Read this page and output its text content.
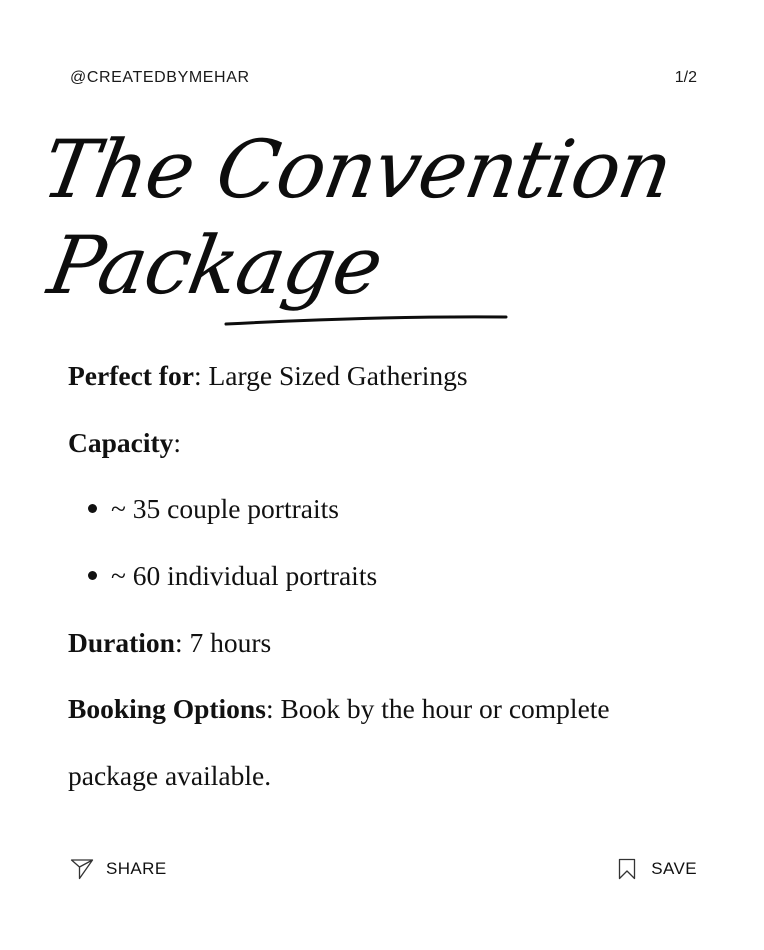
@CREATEDBYMEHAR	1/2
The Convention
Package
Perfect for: Large Sized Gatherings
Capacity:
~ 35 couple portraits
~ 60 individual portraits
Duration: 7 hours
Booking Options: Book by the hour or complete
package available.
SHARE	SAVE
